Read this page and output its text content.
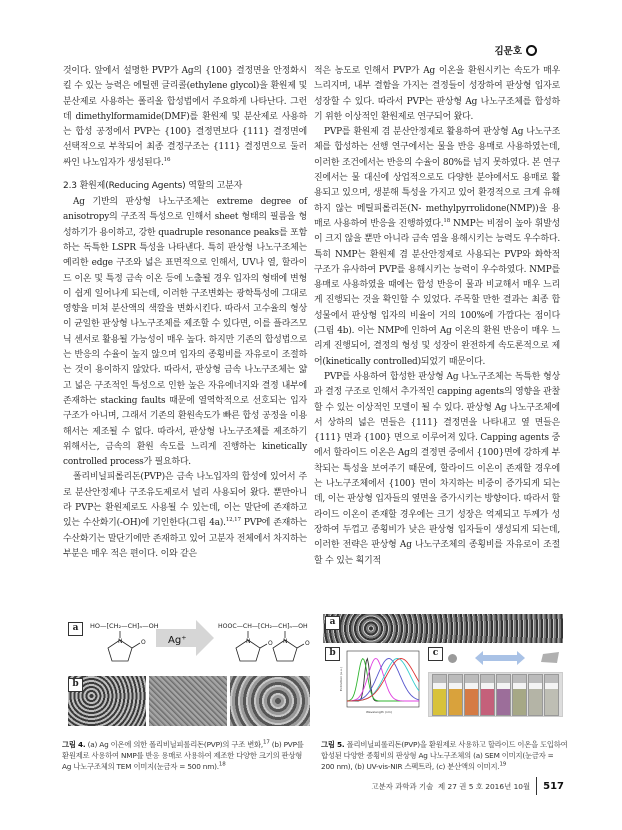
김문호

것이다. 앞에서 설명한 PVP가 Ag의 {100} 결정면을 안정화시킬 수 있는 능력은 에틸렌 글리콜(ethylene glycol)을 환원제 및 분산제로 사용하는 폴리올 합성법에서 주요하게 나타난다. 그런데 dimethylformamide(DMF)를 환원제 및 분산제로 사용하는 합성 공정에서 PVP는 {100} 결정면보다 {111} 결정면에 선택적으로 부착되어 최종 결정구조는 {111} 결정면으로 둘러싸인 나노입자가 생성된다.$^{16}$

2.3 환원제(Reducing Agents) 역할의 고분자

Ag 기반의 판상형 나노구조체는 extreme degree of anisotropy의 구조적 특성으로 인해서 sheet 형태의 필름을 형성하기가 용이하고, 강한 quadruple resonance peaks를 포함하는 독특한 LSPR 특성을 나타낸다. 특히 판상형 나노구조체는 예리한 edge 구조와 넓은 표면적으로 인해서, UV나 열, 할라이드 이온 및 특정 금속 이온 등에 노출될 경우 입자의 형태에 변형이 쉽게 일어나게 되는데, 이러한 구조변화는 광학특성에 그대로 영향을 미쳐 분산액의 색깔을 변화시킨다. 따라서 고수율의 형상이 균일한 판상형 나노구조체를 제조할 수 있다면, 이를 플라즈모닉 센서로 활용될 가능성이 매우 높다. 하지만 기존의 합성법으로는 반응의 수율이 높지 않으며 입자의 종횡비를 자유로이 조절하는 것이 용이하지 않았다. 따라서, 판상형 금속 나노구조체는 얇고 넓은 구조적인 특성으로 인한 높은 자유에너지와 결정 내부에 존재하는 stacking faults 때문에 열역학적으로 선호되는 입자구조가 아니며, 그래서 기존의 환원속도가 빠른 합성 공정을 이용해서는 제조될 수 없다. 따라서, 판상형 나노구조체를 제조하기 위해서는, 금속의 환원 속도를 느리게 진행하는 kinetically controlled process가 필요하다.

폴리비닐피롤리돈(PVP)은 금속 나노입자의 합성에 있어서 주로 분산안정제나 구조유도제로서 널리 사용되어 왔다. 뿐만아니라 PVP는 환원제로도 사용될 수 있는데, 이는 말단에 존재하고 있는 수산화기(-OH)에 기인한다(그림 4a).$^{12,17}$ PVP에 존재하는 수산화기는 말단기에만 존재하고 있어 고분자 전체에서 차지하는 부분은 매우 적은 편이다. 이와 같은

적은 농도로 인해서 PVP가 Ag 이온을 환원시키는 속도가 매우 느리지며, 내부 결함을 가지는 결정들이 성장하여 판상형 입자로 성장할 수 있다. 따라서 PVP는 판상형 Ag 나노구조체를 합성하기 위한 이상적인 환원제로 연구되어 왔다.

PVP를 환원제 겸 분산안정제로 활용하여 판상형 Ag 나노구조체를 합성하는 선행 연구에서는 물을 반응 용매로 사용하였는데, 이러한 조건에서는 반응의 수율이 80%를 넘지 못하였다. 본 연구진에서는 물 대신에 상업적으로도 다양한 분야에서도 용매로 활용되고 있으며, 생분해 특성을 가지고 있어 환경적으로 크게 유해하지 않는 메틸피롤리돈(N- methylpyrrolidone(NMP))을 용매로 사용하여 반응을 진행하였다.$^{18}$ NMP는 비점이 높아 휘발성이 크지 않을 뿐만 아니라 금속 염을 용해시키는 능력도 우수하다. 특히 NMP는 환원제 겸 분산안정제로 사용되는 PVP와 화학적 구조가 유사하여 PVP를 용해시키는 능력이 우수하였다. NMP를 용매로 사용하였을 때에는 합성 반응이 물과 비교해서 매우 느리게 진행되는 것을 확인할 수 있었다. 주목할 만한 결과는 최종 합성물에서 판상형 입자의 비율이 거의 100%에 가깝다는 점이다(그림 4b). 이는 NMP에 인하여 Ag 이온의 환원 반응이 매우 느리게 진행되어, 결정의 형성 및 성장이 완전하게 속도론적으로 제어(kinetically controlled)되었기 때문이다.

PVP를 사용하여 합성한 판상형 Ag 나노구조체는 독특한 형상과 결정 구조로 인해서 추가적인 capping agents의 영향을 관찰할 수 있는 이상적인 모델이 될 수 있다. 판상형 Ag 나노구조체에서 상하의 넓은 면들은 {111} 결정면을 나타내고 옆 면들은 {111} 면과 {100} 면으로 이루어져 있다. Capping agents 중에서 할라이드 이온은 Ag의 결정면 중에서 {100}면에 강하게 부착되는 특성을 보여주기 때문에, 할라이드 이온이 존재할 경우에는 나노구조체에서 {100} 면이 차지하는 비중이 증가되게 되는데, 이는 판상형 입자들의 옆면을 증가시키는 방향이다. 따라서 할라이드 이온이 존재할 경우에는 크기 성장은 억제되고 두께가 성장하여 두껍고 종횡비가 낮은 판상형 입자들이 생성되게 되는데, 이러한 전략은 판상형 Ag 나노구조체의 종횡비를 자유로이 조절할 수 있는 획기적

a	HO—[CH₂—CH]ₙ—OH
N	O Ag⁺
HOOC—CH—[CH₂—CH]ₙ—OH
N	O N	O
b
그림 4. (a) Ag 이온에 의한 폴리비닐피롤리돈(PVP)의 구조 변화,$^{17}$ (b) PVP를 환원제로 사용하여 NMP를 반응 용매로 사용하여 제조한 다양한 크기의 판상형 Ag 나노구조체의 TEM 이미지(눈금자 = 500 nm).$^{18}$
a
b
Wavelength (nm)
Extinction (a.u.)
c
그림 5. 폴리비닐피롤리돈(PVP)을 환원제로 사용하고 할라이드 이온을 도입하여 합성된 다양한 종횡비의 판상형 Ag 나노구조체의 (a) SEM 이미지(눈금자 = 200 nm), (b) UV-vis-NIR 스펙트라, (c) 분산액의 이미지.$^{19}$
고분자 과학과 기술
제 27 권 5 호 2016년 10월 517
